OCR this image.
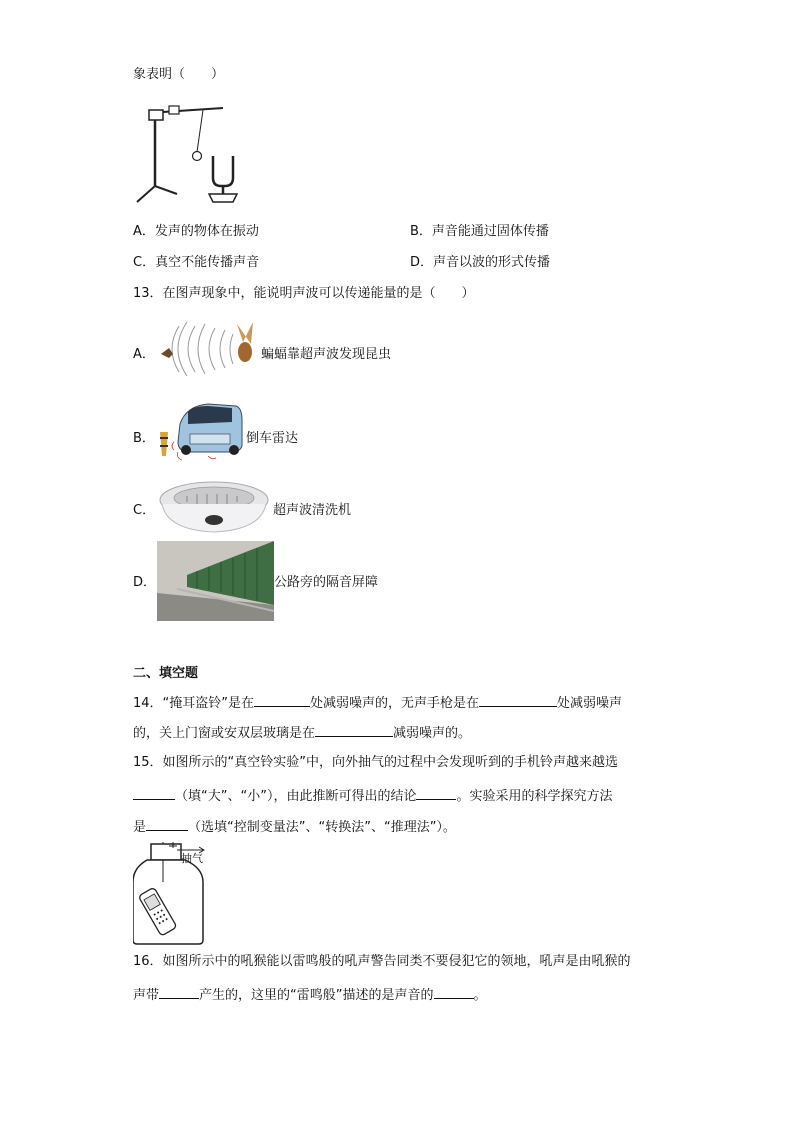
象表明（　　）
A．发声的物体在振动	B．声音能通过固体传播
C．真空不能传播声音	D．声音以波的形式传播
13．在图声现象中，能说明声波可以传递能量的是（　　）
A．	蝙蝠靠超声波发现昆虫
B．	倒车雷达
C．	超声波清洗机
D．	公路旁的隔音屏障
二、填空题
14．“掩耳盗铃”是在	处减弱噪声的，无声手枪是在	处减弱噪声
的，关上门窗或安双层玻璃是在	减弱噪声的。
15．如图所示的“真空铃实验”中，向外抽气的过程中会发现听到的手机铃声越来越选
（填“大”、“小”），由此推断可得出的结论	。实验采用的科学探究方法
是	（选填“控制变量法”、“转换法”、“推理法”）。
抽气
16．如图所示中的吼猴能以雷鸣般的吼声警告同类不要侵犯它的领地，吼声是由吼猴的
声带	产生的，这里的“雷鸣般”描述的是声音的	。
